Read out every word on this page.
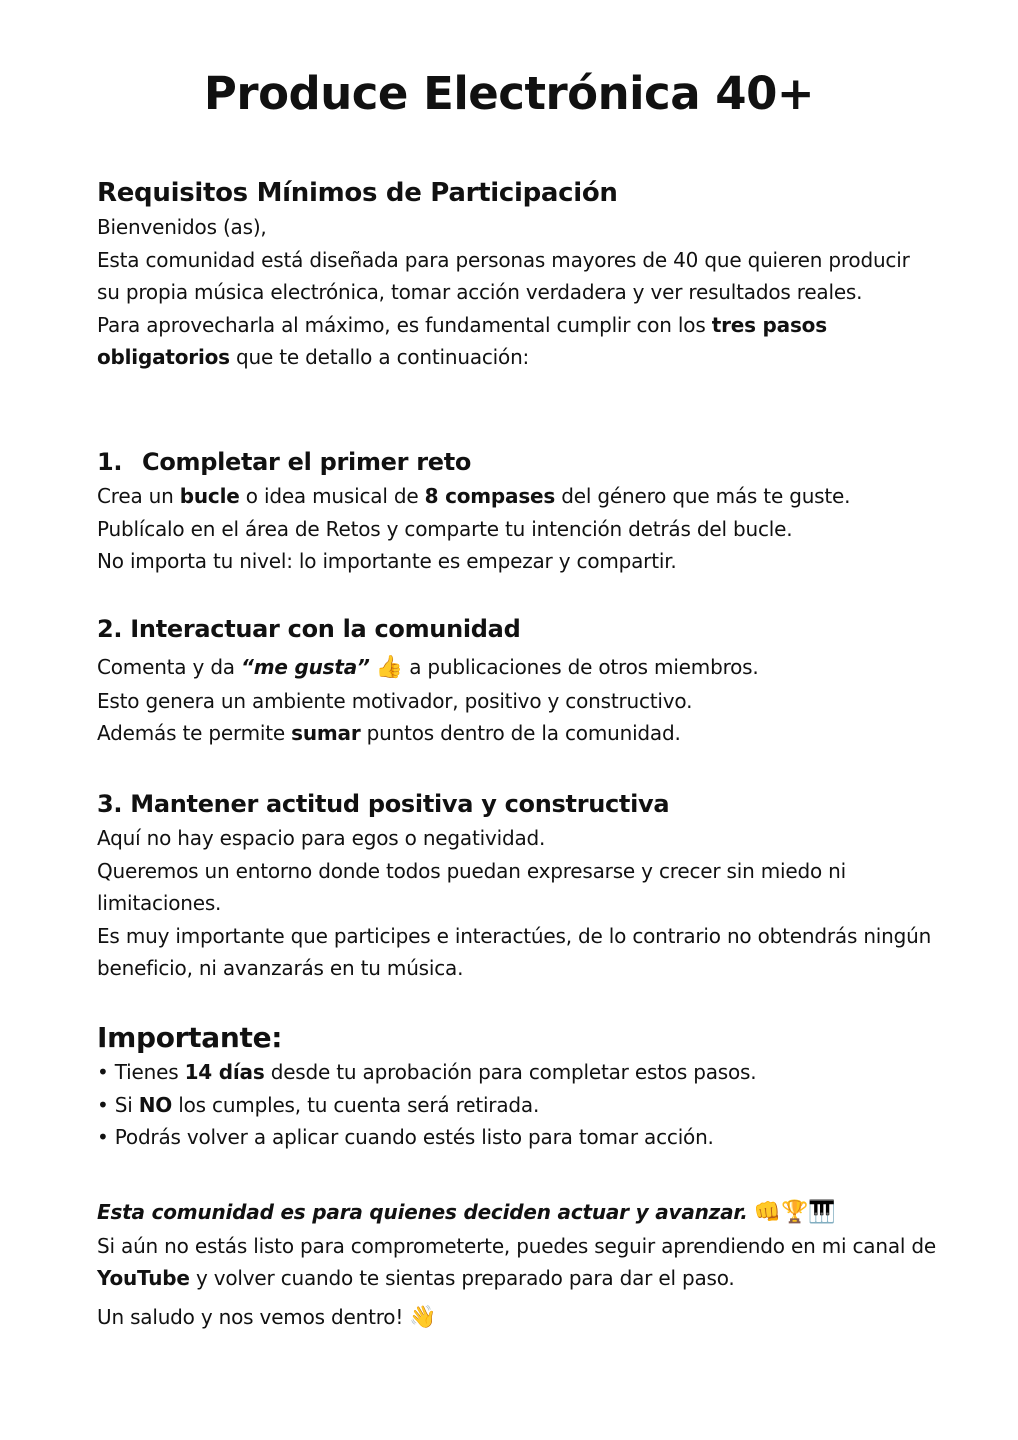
Produce Electrónica 40+
Requisitos Mínimos de Participación

Bienvenidos (as),

Esta comunidad está diseñada para personas mayores de 40 que quieren producir su propia música electrónica, tomar acción verdadera y ver resultados reales.

Para aprovecharla al máximo, es fundamental cumplir con los tres pasos obligatorios que te detallo a continuación:

1. Completar el primer reto

Crea un bucle o idea musical de 8 compases del género que más te guste.

Publícalo en el área de Retos y comparte tu intención detrás del bucle.

No importa tu nivel: lo importante es empezar y compartir.

2. Interactuar con la comunidad

Comenta y da “me gusta” 👍 a publicaciones de otros miembros.

Esto genera un ambiente motivador, positivo y constructivo.

Además te permite sumar puntos dentro de la comunidad.

3. Mantener actitud positiva y constructiva

Aquí no hay espacio para egos o negatividad.

Queremos un entorno donde todos puedan expresarse y crecer sin miedo ni limitaciones.

Es muy importante que participes e interactúes, de lo contrario no obtendrás ningún beneficio, ni avanzarás en tu música.

Importante:

• Tienes 14 días desde tu aprobación para completar estos pasos.

• Si NO los cumples, tu cuenta será retirada.

• Podrás volver a aplicar cuando estés listo para tomar acción.

Esta comunidad es para quienes deciden actuar y avanzar. 👊🏆🎹

Si aún no estás listo para comprometerte, puedes seguir aprendiendo en mi canal de YouTube y volver cuando te sientas preparado para dar el paso.

Un saludo y nos vemos dentro! 👋
